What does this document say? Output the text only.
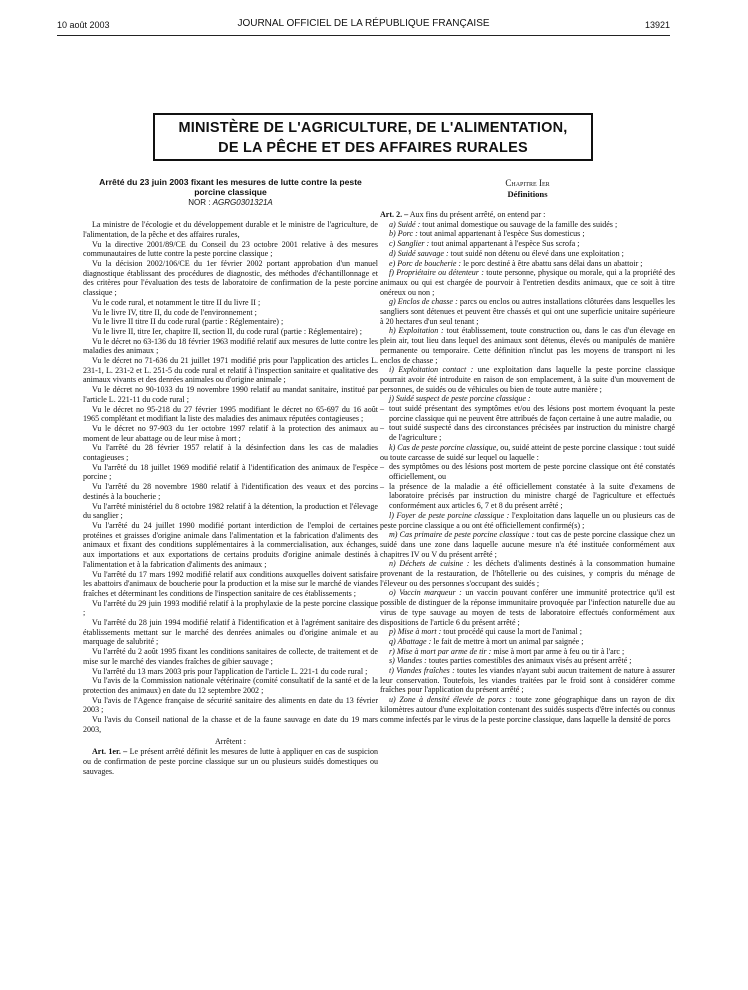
10 août 2003	JOURNAL OFFICIEL DE LA RÉPUBLIQUE FRANÇAISE	13921
MINISTÈRE DE L'AGRICULTURE, DE L'ALIMENTATION,
DE LA PÊCHE ET DES AFFAIRES RURALES
Arrêté du 23 juin 2003 fixant les mesures de lutte contre la peste porcine classique
NOR : AGRG0301321A

La ministre de l'écologie et du développement durable et le ministre de l'agriculture, de l'alimentation, de la pêche et des affaires rurales,

Vu la directive 2001/89/CE du Conseil du 23 octobre 2001 relative à des mesures communautaires de lutte contre la peste porcine classique ;

Vu la décision 2002/106/CE du 1er février 2002 portant approbation d'un manuel diagnostique établissant des procédures de diagnostic, des méthodes d'échantillonnage et des critères pour l'évaluation des tests de laboratoire de confirmation de la peste porcine classique ;

Vu le code rural, et notamment le titre II du livre II ;

Vu le livre IV, titre II, du code de l'environnement ;

Vu le livre II titre II du code rural (partie : Réglementaire) ;

Vu le livre II, titre Ier, chapitre II, section II, du code rural (partie : Réglementaire) ;

Vu le décret no 63-136 du 18 février 1963 modifié relatif aux mesures de lutte contre les maladies des animaux ;

Vu le décret no 71-636 du 21 juillet 1971 modifié pris pour l'application des articles L. 231-1, L. 231-2 et L. 251-5 du code rural et relatif à l'inspection sanitaire et qualitative des animaux vivants et des denrées animales ou d'origine animale ;

Vu le décret no 90-1033 du 19 novembre 1990 relatif au mandat sanitaire, institué par l'article L. 221-11 du code rural ;

Vu le décret no 95-218 du 27 février 1995 modifiant le décret no 65-697 du 16 août 1965 complétant et modifiant la liste des maladies des animaux réputées contagieuses ;

Vu le décret no 97-903 du 1er octobre 1997 relatif à la protection des animaux au moment de leur abattage ou de leur mise à mort ;

Vu l'arrêté du 28 février 1957 relatif à la désinfection dans les cas de maladies contagieuses ;

Vu l'arrêté du 18 juillet 1969 modifié relatif à l'identification des animaux de l'espèce porcine ;

Vu l'arrêté du 28 novembre 1980 relatif à l'identification des veaux et des porcins destinés à la boucherie ;

Vu l'arrêté ministériel du 8 octobre 1982 relatif à la détention, la production et l'élevage du sanglier ;

Vu l'arrêté du 24 juillet 1990 modifié portant interdiction de l'emploi de certaines protéines et graisses d'origine animale dans l'alimentation et la fabrication d'aliments des animaux et fixant des conditions supplémentaires à la commercialisation, aux échanges, aux importations et aux exportations de certains produits d'origine animale destinés à l'alimentation et à la fabrication d'aliments des animaux ;

Vu l'arrêté du 17 mars 1992 modifié relatif aux conditions auxquelles doivent satisfaire les abattoirs d'animaux de boucherie pour la production et la mise sur le marché de viandes fraîches et déterminant les conditions de l'inspection sanitaire de ces établissements ;

Vu l'arrêté du 29 juin 1993 modifié relatif à la prophylaxie de la peste porcine classique ;

Vu l'arrêté du 28 juin 1994 modifié relatif à l'identification et à l'agrément sanitaire des établissements mettant sur le marché des denrées animales ou d'origine animale et au marquage de salubrité ;

Vu l'arrêté du 2 août 1995 fixant les conditions sanitaires de collecte, de traitement et de mise sur le marché des viandes fraîches de gibier sauvage ;

Vu l'arrêté du 13 mars 2003 pris pour l'application de l'article L. 221-1 du code rural ;

Vu l'avis de la Commission nationale vétérinaire (comité consultatif de la santé et de la protection des animaux) en date du 12 septembre 2002 ;

Vu l'avis de l'Agence française de sécurité sanitaire des aliments en date du 13 février 2003 ;

Vu l'avis du Conseil national de la chasse et de la faune sauvage en date du 19 mars 2003,

Arrêtent :

Art. 1er. – Le présent arrêté définit les mesures de lutte à appliquer en cas de suspicion ou de confirmation de peste porcine classique sur un ou plusieurs suidés domestiques ou sauvages.

Chapitre Ier
Définitions

Art. 2. – Aux fins du présent arrêté, on entend par :

a) Suidé : tout animal domestique ou sauvage de la famille des suidés ;

b) Porc : tout animal appartenant à l'espèce Sus domesticus ;

c) Sanglier : tout animal appartenant à l'espèce Sus scrofa ;

d) Suidé sauvage : tout suidé non détenu ou élevé dans une exploitation ;

e) Porc de boucherie : le porc destiné à être abattu sans délai dans un abattoir ;

f) Propriétaire ou détenteur : toute personne, physique ou morale, qui a la propriété des animaux ou qui est chargée de pourvoir à l'entretien desdits animaux, que ce soit à titre onéreux ou non ;

g) Enclos de chasse : parcs ou enclos ou autres installations clôturées dans lesquelles les sangliers sont détenues et peuvent être chassés et qui ont une superficie unitaire supérieure à 20 hectares d'un seul tenant ;

h) Exploitation : tout établissement, toute construction ou, dans le cas d'un élevage en plein air, tout lieu dans lequel des animaux sont détenus, élevés ou manipulés de manière permanente ou temporaire. Cette définition n'inclut pas les moyens de transport ni les enclos de chasse ;

i) Exploitation contact : une exploitation dans laquelle la peste porcine classique pourrait avoir été introduite en raison de son emplacement, à la suite d'un mouvement de personnes, de suidés ou de véhicules ou bien de toute autre manière ;

j) Suidé suspect de peste porcine classique :

– tout suidé présentant des symptômes et/ou des lésions post mortem évoquant la peste porcine classique qui ne peuvent être attribués de façon certaine à une autre maladie, ou

– tout suidé suspecté dans des circonstances précisées par instruction du ministre chargé de l'agriculture ;

k) Cas de peste porcine classique, ou, suidé atteint de peste porcine classique : tout suidé ou toute carcasse de suidé sur lequel ou laquelle :

– des symptômes ou des lésions post mortem de peste porcine classique ont été constatés officiellement, ou

– la présence de la maladie a été officiellement constatée à la suite d'examens de laboratoire précisés par instruction du ministre chargé de l'agriculture et effectués conformément aux articles 6, 7 et 8 du présent arrêté ;

l) Foyer de peste porcine classique : l'exploitation dans laquelle un ou plusieurs cas de peste porcine classique a ou ont été officiellement confirmé(s) ;

m) Cas primaire de peste porcine classique : tout cas de peste porcine classique chez un suidé dans une zone dans laquelle aucune mesure n'a été instituée conformément aux chapitres IV ou V du présent arrêté ;

n) Déchets de cuisine : les déchets d'aliments destinés à la consommation humaine provenant de la restauration, de l'hôtellerie ou des cuisines, y compris du ménage de l'éleveur ou des personnes s'occupant des suidés ;

o) Vaccin marqueur : un vaccin pouvant conférer une immunité protectrice qu'il est possible de distinguer de la réponse immunitaire provoquée par l'infection naturelle due au virus de type sauvage au moyen de tests de laboratoire effectués conformément aux dispositions de l'article 6 du présent arrêté ;

p) Mise à mort : tout procédé qui cause la mort de l'animal ;

q) Abattage : le fait de mettre à mort un animal par saignée ;

r) Mise à mort par arme de tir : mise à mort par arme à feu ou tir à l'arc ;

s) Viandes : toutes parties comestibles des animaux visés au présent arrêté ;

t) Viandes fraîches : toutes les viandes n'ayant subi aucun traitement de nature à assurer leur conservation. Toutefois, les viandes traitées par le froid sont à considérer comme fraîches pour l'application du présent arrêté ;

u) Zone à densité élevée de porcs : toute zone géographique dans un rayon de dix kilomètres autour d'une exploitation contenant des suidés suspects d'être infectés ou connus comme infectés par le virus de la peste porcine classique, dans laquelle la densité de porcs
